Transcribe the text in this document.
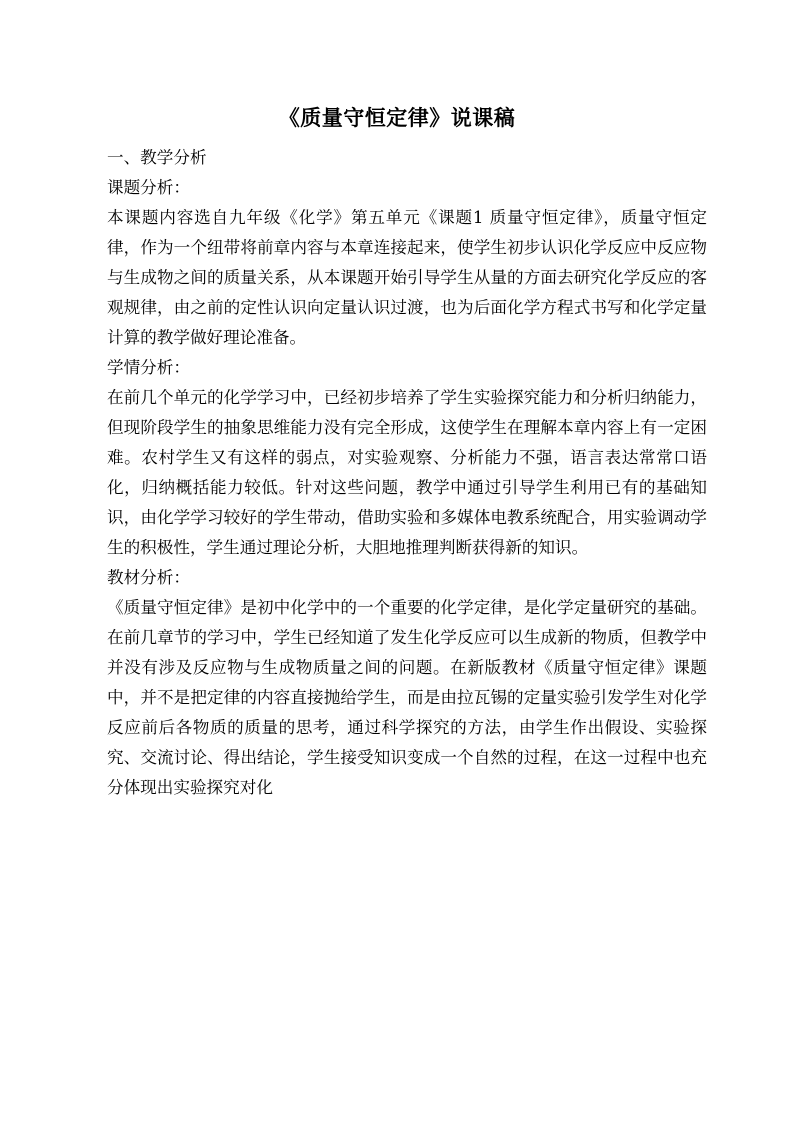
《质量守恒定律》说课稿

一、教学分析

课题分析：

本课题内容选自九年级《化学》第五单元《课题1 质量守恒定律》，质量守恒定律，作为一个纽带将前章内容与本章连接起来，使学生初步认识化学反应中反应物与生成物之间的质量关系，从本课题开始引导学生从量的方面去研究化学反应的客观规律，由之前的定性认识向定量认识过渡，也为后面化学方程式书写和化学定量计算的教学做好理论准备。

学情分析：

在前几个单元的化学学习中，已经初步培养了学生实验探究能力和分析归纳能力，但现阶段学生的抽象思维能力没有完全形成，这使学生在理解本章内容上有一定困难。农村学生又有这样的弱点，对实验观察、分析能力不强，语言表达常常口语化，归纳概括能力较低。针对这些问题，教学中通过引导学生利用已有的基础知识，由化学学习较好的学生带动，借助实验和多媒体电教系统配合，用实验调动学生的积极性，学生通过理论分析，大胆地推理判断获得新的知识。

教材分析：

《质量守恒定律》是初中化学中的一个重要的化学定律，是化学定量研究的基础。在前几章节的学习中，学生已经知道了发生化学反应可以生成新的物质，但教学中并没有涉及反应物与生成物质量之间的问题。在新版教材《质量守恒定律》课题中，并不是把定律的内容直接抛给学生，而是由拉瓦锡的定量实验引发学生对化学反应前后各物质的质量的思考，通过科学探究的方法，由学生作出假设、实验探究、交流讨论、得出结论，学生接受知识变成一个自然的过程，在这一过程中也充分体现出实验探究对化
